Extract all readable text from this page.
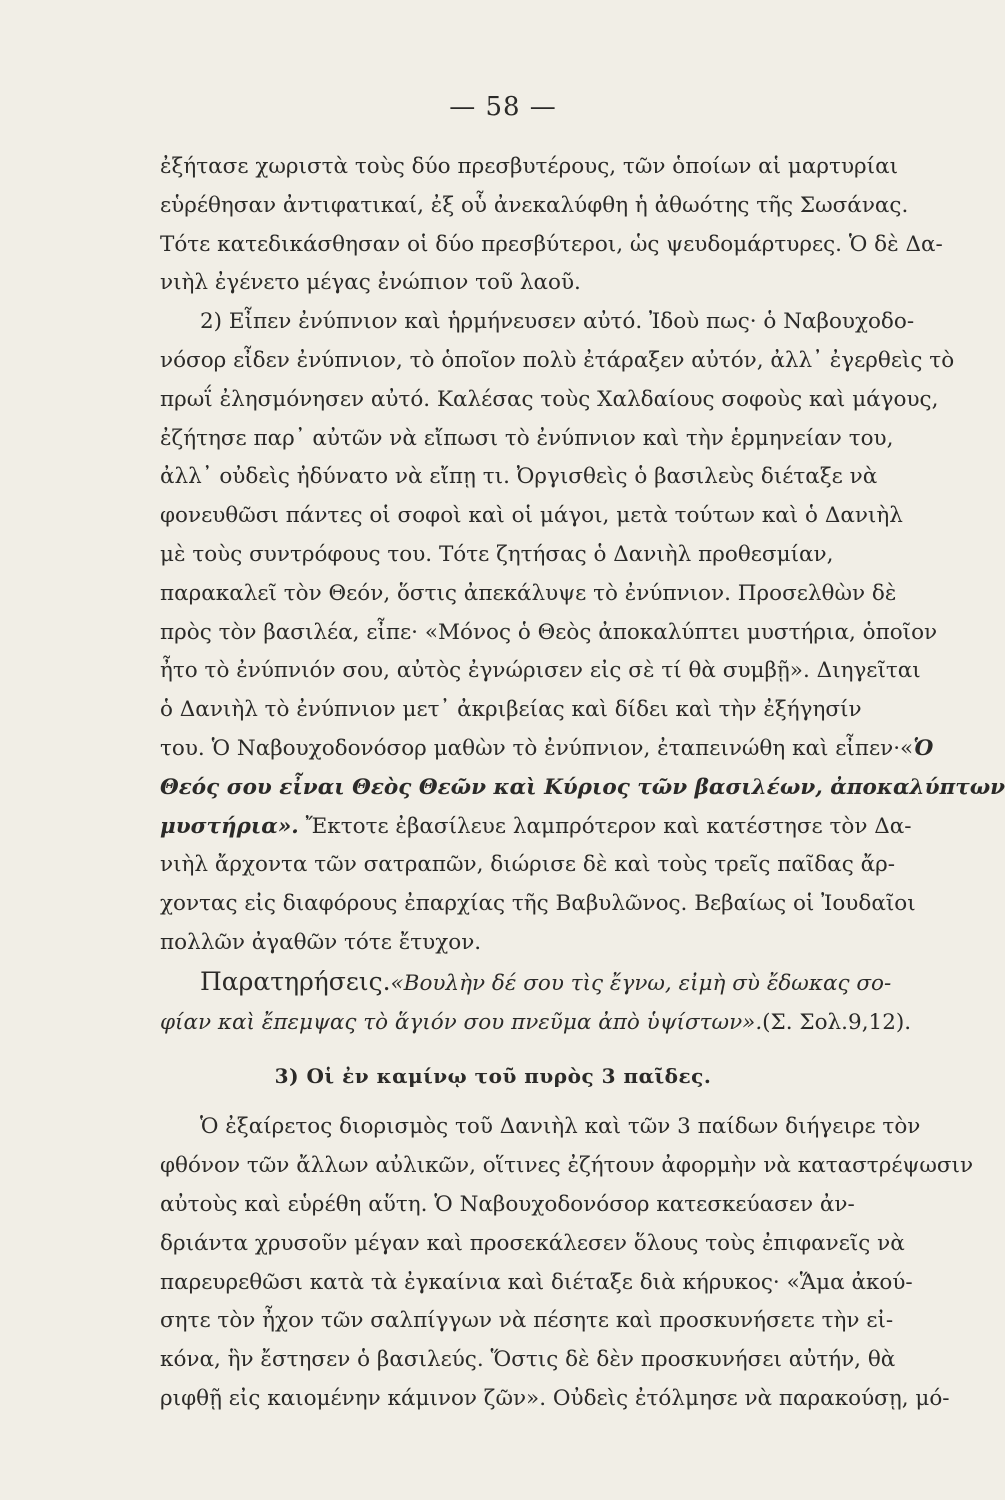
— 58 —
ἐξήτασε χωριστὰ τοὺς δύο πρεσβυτέρους, τῶν ὁποίων αἱ μαρτυρίαι
εὑρέθησαν ἀντιφατικαί, ἐξ οὗ ἀνεκαλύφθη ἡ ἀθωότης τῆς Σωσάνας.
Τότε κατεδικάσθησαν οἱ δύο πρεσβύτεροι, ὡς ψευδομάρτυρες. Ὁ δὲ Δα-
νιὴλ ἐγένετο μέγας ἐνώπιον τοῦ λαοῦ.
2) Εἶπεν ἐνύπνιον καὶ ἡρμήνευσεν αὐτό. Ἰδοὺ πως· ὁ Ναβουχοδο-
νόσορ εἶδεν ἐνύπνιον, τὸ ὁποῖον πολὺ ἐτάραξεν αὐτόν, ἀλλ᾽ ἐγερθεὶς τὸ
πρωΐ ἐλησμόνησεν αὐτό. Καλέσας τοὺς Χαλδαίους σοφοὺς καὶ μάγους,
ἐζήτησε παρ᾽ αὐτῶν νὰ εἴπωσι τὸ ἐνύπνιον καὶ τὴν ἑρμηνείαν του,
ἀλλ᾽ οὐδεὶς ἠδύνατο νὰ εἴπῃ τι. Ὀργισθεὶς ὁ βασιλεὺς διέταξε νὰ
φονευθῶσι πάντες οἱ σοφοὶ καὶ οἱ μάγοι, μετὰ τούτων καὶ ὁ Δανιὴλ
μὲ τοὺς συντρόφους του. Τότε ζητήσας ὁ Δανιὴλ προθεσμίαν,
παρακαλεῖ τὸν Θεόν, ὅστις ἀπεκάλυψε τὸ ἐνύπνιον. Προσελθὼν δὲ
πρὸς τὸν βασιλέα, εἶπε· «Μόνος ὁ Θεὸς ἀποκαλύπτει μυστήρια, ὁποῖον
ἦτο τὸ ἐνύπνιόν σου, αὐτὸς ἐγνώρισεν εἰς σὲ τί θὰ συμβῇ». Διηγεῖται
ὁ Δανιὴλ τὸ ἐνύπνιον μετ᾽ ἀκριβείας καὶ δίδει καὶ τὴν ἐξήγησίν
του. Ὁ Ναβουχοδονόσορ μαθὼν τὸ ἐνύπνιον, ἐταπεινώθη καὶ εἶπεν·«Ὁ
Θεός σου εἶναι Θεὸς Θεῶν καὶ Κύριος τῶν βασιλέων, ἀποκαλύπτων
μυστήρια». Ἔκτοτε ἐβασίλευε λαμπρότερον καὶ κατέστησε τὸν Δα-
νιὴλ ἄρχοντα τῶν σατραπῶν, διώρισε δὲ καὶ τοὺς τρεῖς παῖδας ἄρ-
χοντας εἰς διαφόρους ἐπαρχίας τῆς Βαβυλῶνος. Βεβαίως οἱ Ἰουδαῖοι
πολλῶν ἀγαθῶν τότε ἔτυχον.
Παρατηρήσεις.«Βουλὴν δέ σου τὶς ἔγνω, εἰμὴ σὺ ἔδωκας σο-
φίαν καὶ ἔπεμψας τὸ ἅγιόν σου πνεῦμα ἀπὸ ὑψίστων».(Σ. Σολ.9,12).
3) Οἱ ἐν καμίνῳ τοῦ πυρὸς 3 παῖδες.
Ὁ ἐξαίρετος διορισμὸς τοῦ Δανιὴλ καὶ τῶν 3 παίδων διήγειρε τὸν
φθόνον τῶν ἄλλων αὐλικῶν, οἵτινες ἐζήτουν ἀφορμὴν νὰ καταστρέψωσιν
αὐτοὺς καὶ εὑρέθη αὕτη. Ὁ Ναβουχοδονόσορ κατεσκεύασεν ἀν-
δριάντα χρυσοῦν μέγαν καὶ προσεκάλεσεν ὅλους τοὺς ἐπιφανεῖς νὰ
παρευρεθῶσι κατὰ τὰ ἐγκαίνια καὶ διέταξε διὰ κήρυκος· «Ἅμα ἀκού-
σητε τὸν ἦχον τῶν σαλπίγγων νὰ πέσητε καὶ προσκυνήσετε τὴν εἰ-
κόνα, ἣν ἔστησεν ὁ βασιλεύς. Ὅστις δὲ δὲν προσκυνήσει αὐτήν, θὰ
ριφθῇ εἰς καιομένην κάμινον ζῶν». Οὐδεὶς ἐτόλμησε νὰ παρακούσῃ, μό-
